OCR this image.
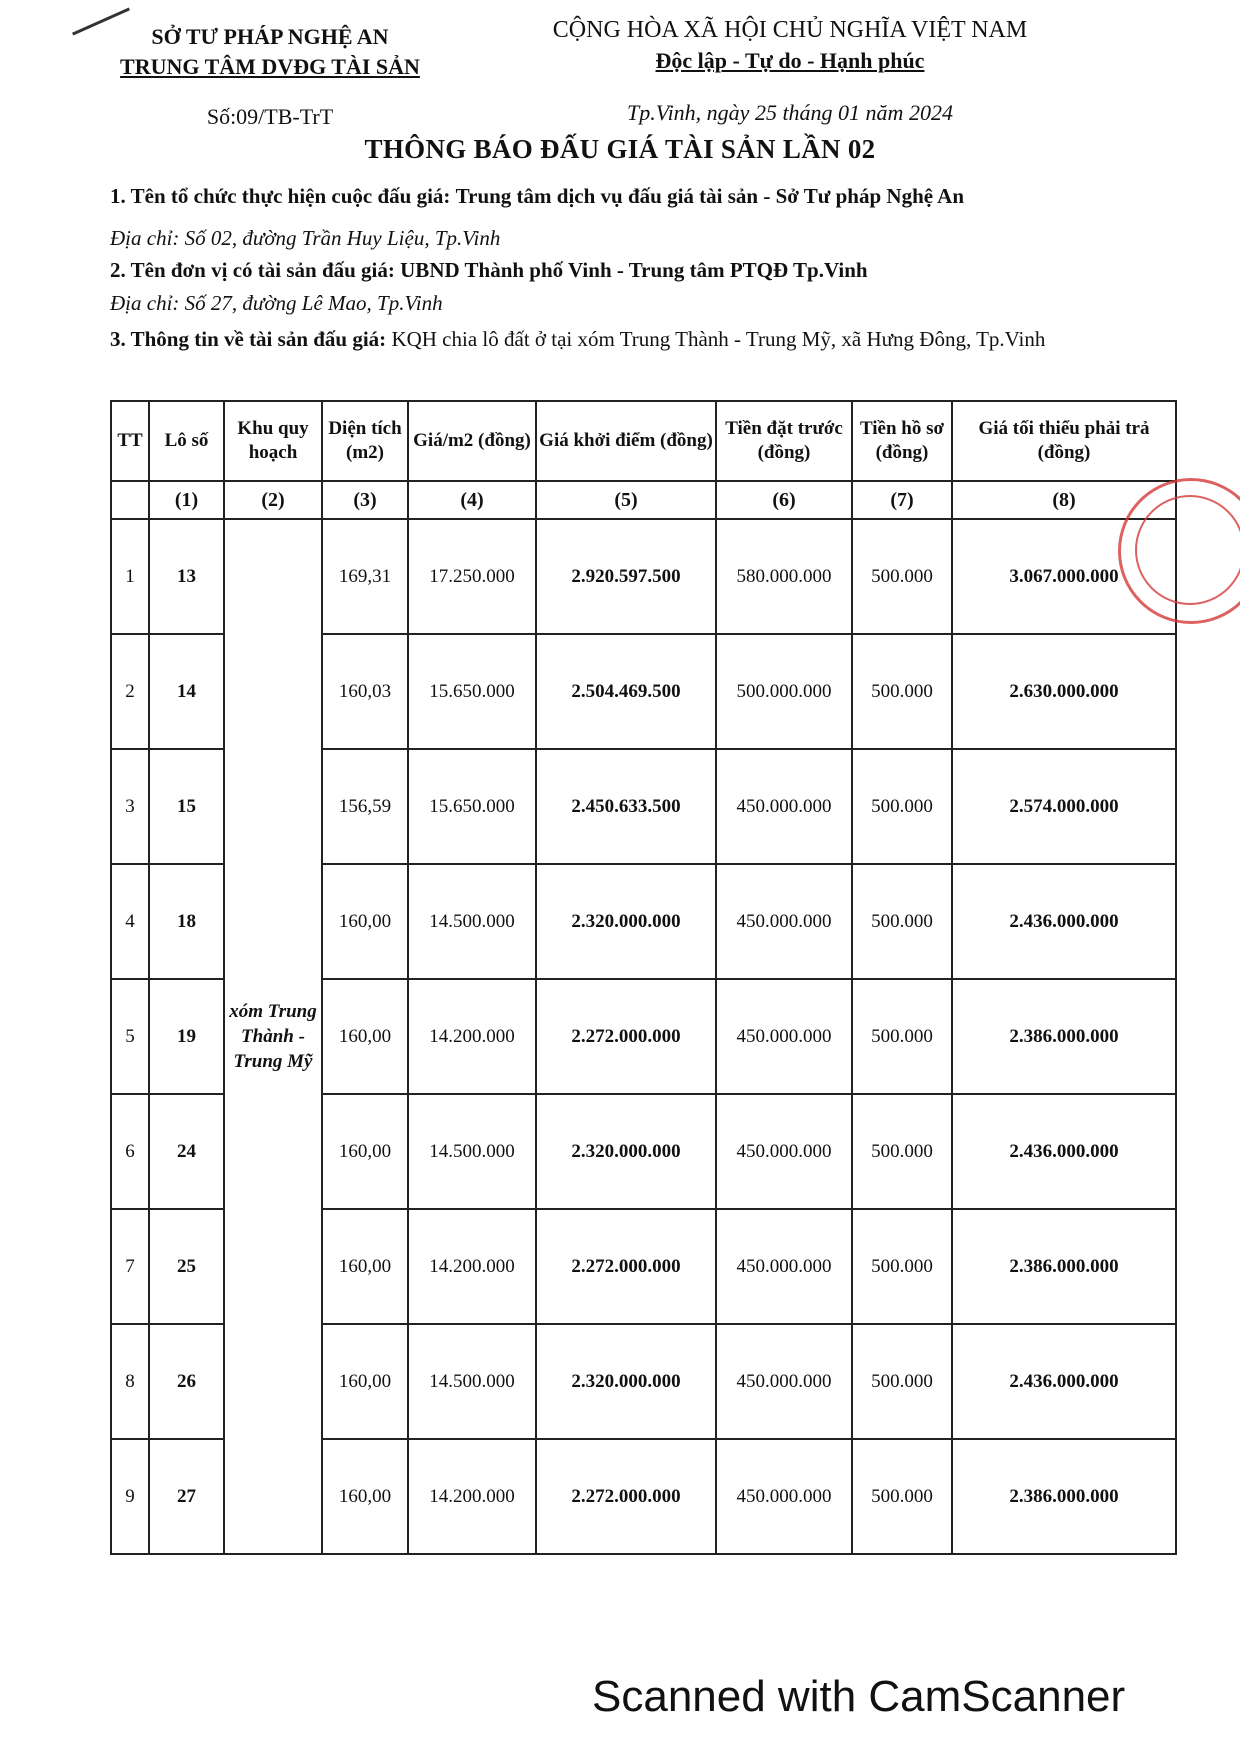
SỞ TƯ PHÁP NGHỆ AN
TRUNG TÂM DVĐG TÀI SẢN
Số:09/TB-TrT
CỘNG HÒA XÃ HỘI CHỦ NGHĨA VIỆT NAM
Độc lập - Tự do - Hạnh phúc
Tp.Vinh, ngày 25 tháng 01 năm 2024
THÔNG BÁO ĐẤU GIÁ TÀI SẢN LẦN 02
1. Tên tổ chức thực hiện cuộc đấu giá: Trung tâm dịch vụ đấu giá tài sản - Sở Tư pháp Nghệ An
Địa chỉ: Số 02, đường Trần Huy Liệu, Tp.Vinh
2. Tên đơn vị có tài sản đấu giá: UBND Thành phố Vinh - Trung tâm PTQĐ Tp.Vinh
Địa chỉ: Số 27, đường Lê Mao, Tp.Vinh
3. Thông tin về tài sản đấu giá: KQH chia lô đất ở tại xóm Trung Thành - Trung Mỹ, xã Hưng Đông, Tp.Vinh
TT	Lô số	Khu quy hoạch	Diện tích (m2)	Giá/m2 (đồng)	Giá khởi điểm (đồng)	Tiền đặt trước (đồng)	Tiền hồ sơ (đồng)	Giá tối thiểu phải trả (đồng)
	(1)	(2)	(3)	(4)	(5)	(6)	(7)	(8)
1	13	xóm Trung Thành - Trung Mỹ	169,31	17.250.000	2.920.597.500	580.000.000	500.000	3.067.000.000
2	14		160,03	15.650.000	2.504.469.500	500.000.000	500.000	2.630.000.000
3	15		156,59	15.650.000	2.450.633.500	450.000.000	500.000	2.574.000.000
4	18		160,00	14.500.000	2.320.000.000	450.000.000	500.000	2.436.000.000
5	19		160,00	14.200.000	2.272.000.000	450.000.000	500.000	2.386.000.000
6	24		160,00	14.500.000	2.320.000.000	450.000.000	500.000	2.436.000.000
7	25		160,00	14.200.000	2.272.000.000	450.000.000	500.000	2.386.000.000
8	26		160,00	14.500.000	2.320.000.000	450.000.000	500.000	2.436.000.000
9	27		160,00	14.200.000	2.272.000.000	450.000.000	500.000	2.386.000.000
Scanned with CamScanner
